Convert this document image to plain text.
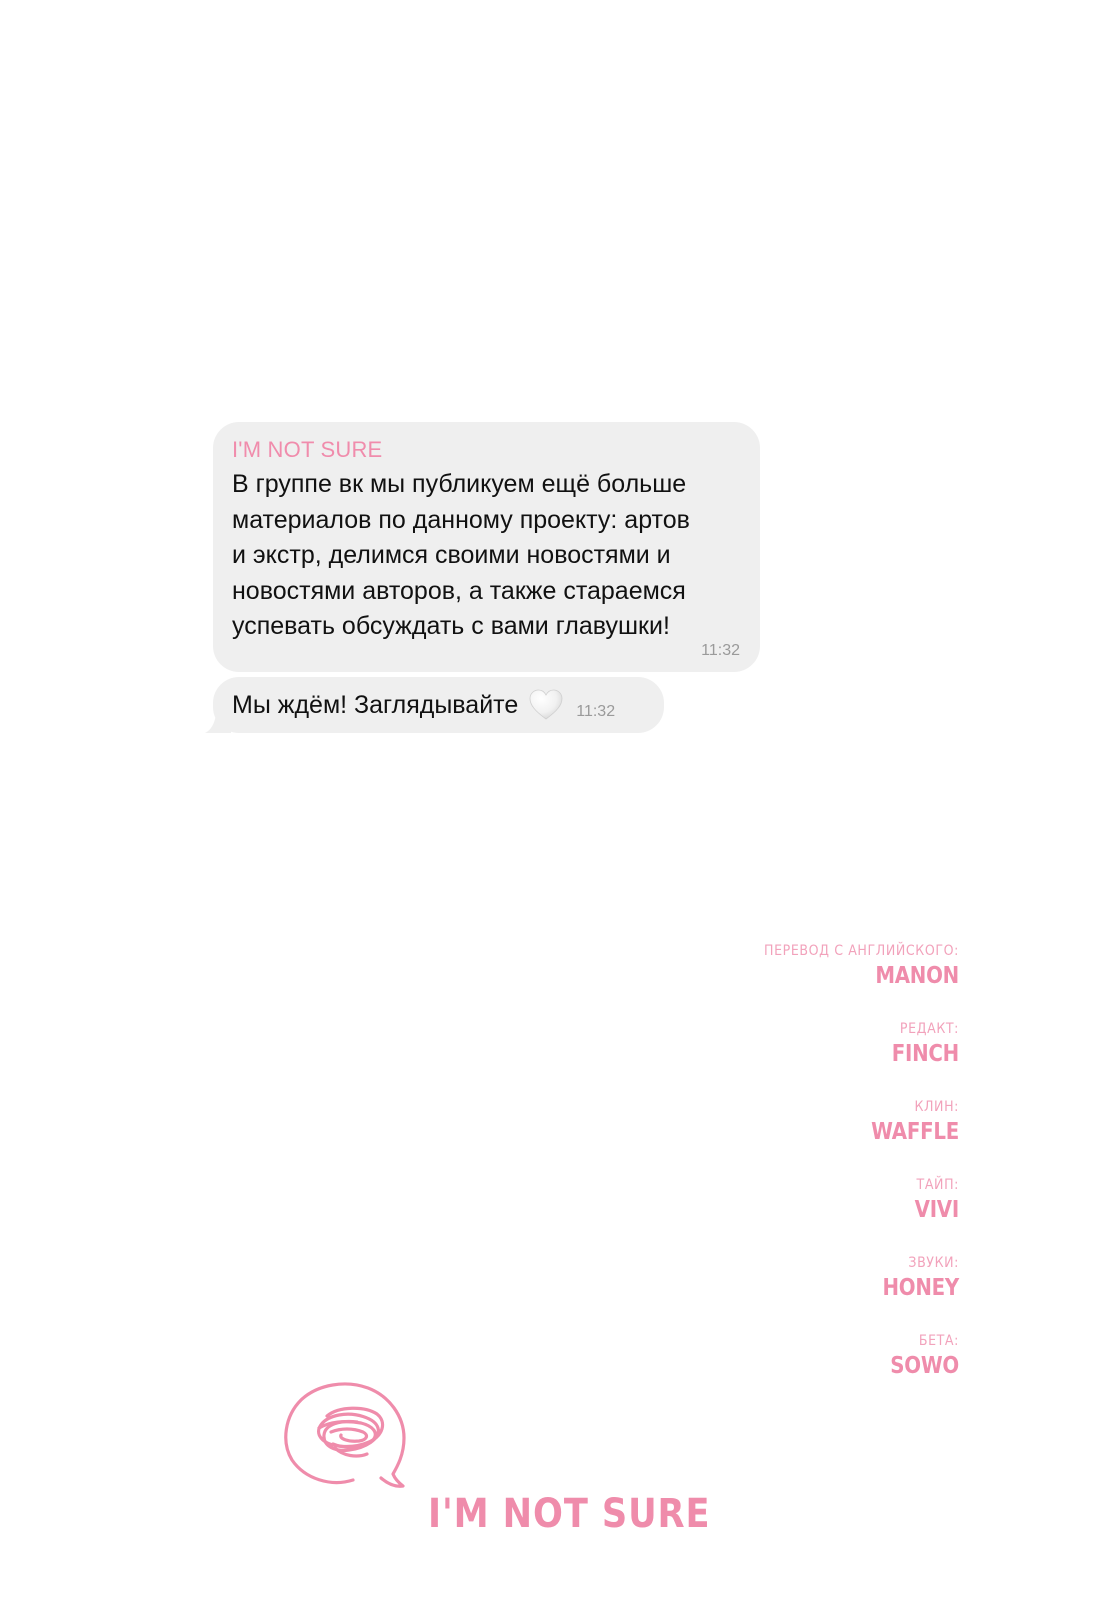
I'M NOT SURE
В группе вк мы публикуем ещё больше
материалов по данному проекту: артов
и экстр, делимся своими новостями и
новостями авторов, а также стараемся
успевать обсуждать с вами главушки!
11:32
Мы ждём! Заглядывайте	11:32
ПЕРЕВОД С АНГЛИЙСКОГО:
MANON
РЕДАКТ:
FINCH
КЛИН:
WAFFLE
ТАЙП:
VIVI
ЗВУКИ:
HONEY
БЕТА:
SOWO
I'M NOT SURE
